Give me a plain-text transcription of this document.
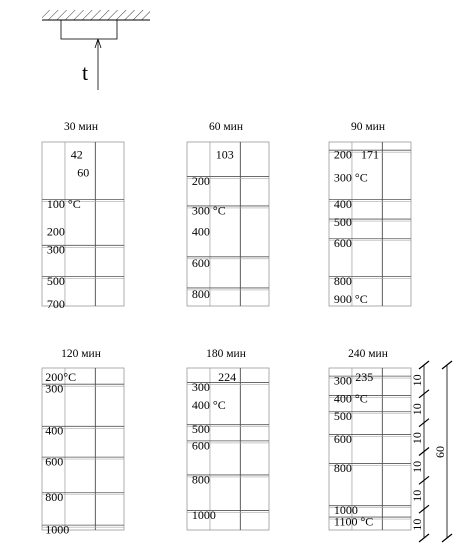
t
30 мин
42
60
100 °C
200
300
500
700
60 мин
103
200
300 °C
400
600
800
90 мин
200 171
300 °C
400
500
600
800
900 °C
120 мин
200°C
300
400
600
800
1000
180 мин
224
300
400 °C
500
600
800
1000
240 мин
300 235
400 °C
500
600
800
1000
1100 °C
60
10
10
10
10
10
10
